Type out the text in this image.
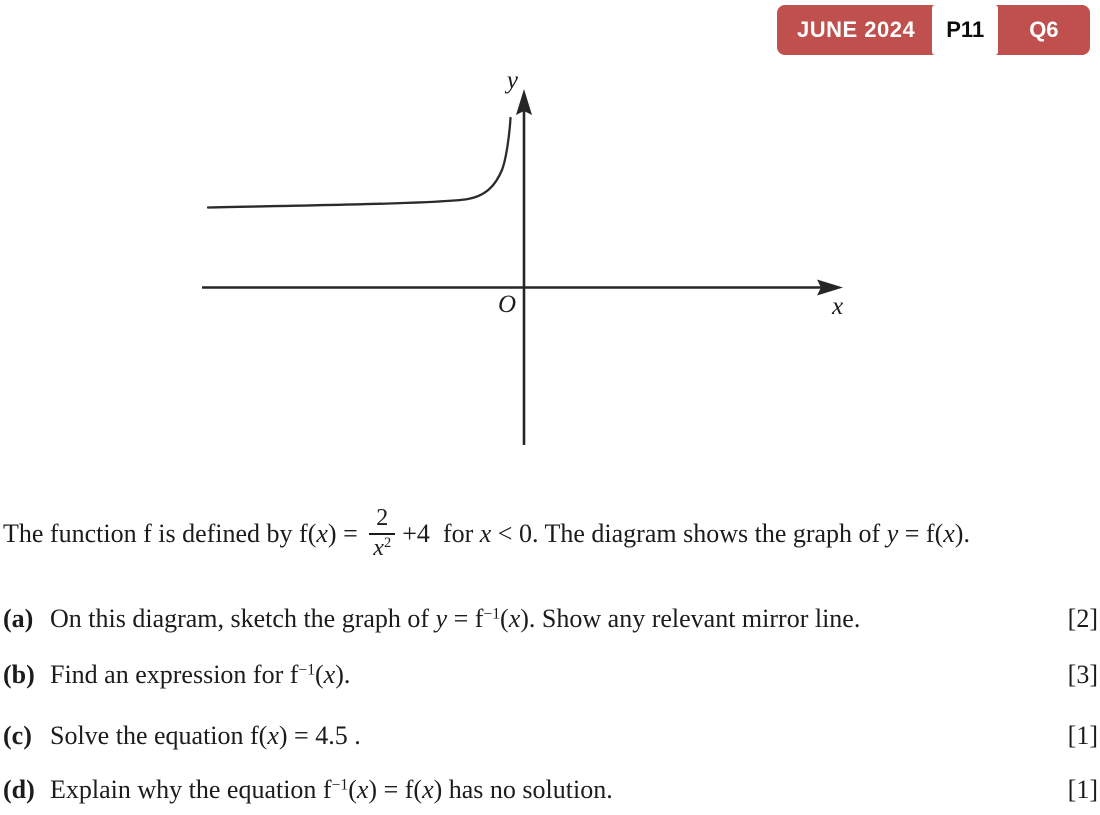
JUNE 2024	P11	Q6
y
x
O
The function f is defined by f( x ) = $\frac{2}{x^2} +4$ for x < 0. The diagram shows the graph of y = f( x ).
(a) On this diagram, sketch the graph of $y = f^{-1}(x)$. Show any relevant mirror line.	[2]
(b) Find an expression for $f^{-1}(x)$.	[3]
(c) Solve the equation f(x) = 4.5 .	[1]
(d) Explain why the equation $f^{-1}(x) = f(x)$ has no solution.	[1]
